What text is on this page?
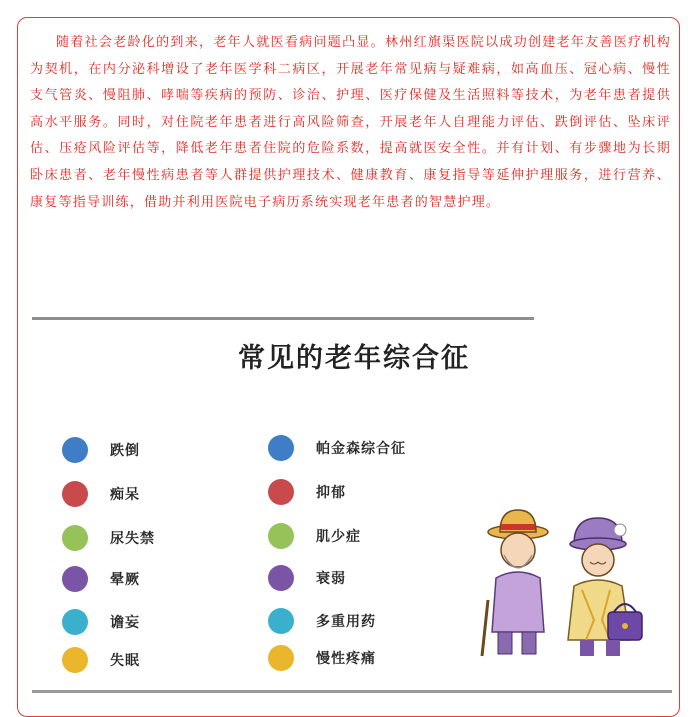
随着社会老龄化的到来，老年人就医看病问题凸显。林州红旗渠医院以成功创建老年友善医疗机构为契机，在内分泌科增设了老年医学科二病区，开展老年常见病与疑难病，如高血压、冠心病、慢性支气管炎、慢阻肺、哮喘等疾病的预防、诊治、护理、医疗保健及生活照料等技术，为老年患者提供高水平服务。同时，对住院老年患者进行高风险筛查，开展老年人自理能力评估、跌倒评估、坠床评估、压疮风险评估等，降低老年患者住院的危险系数，提高就医安全性。并有计划、有步骤地为长期卧床患者、老年慢性病患者等人群提供护理技术、健康教育、康复指导等延伸护理服务，进行营养、康复等指导训练，借助并利用医院电子病历系统实现老年患者的智慧护理。

常见的老年综合征
跌倒
痴呆
尿失禁
晕厥
谵妄
失眠
帕金森综合征
抑郁
肌少症
衰弱
多重用药
慢性疼痛
